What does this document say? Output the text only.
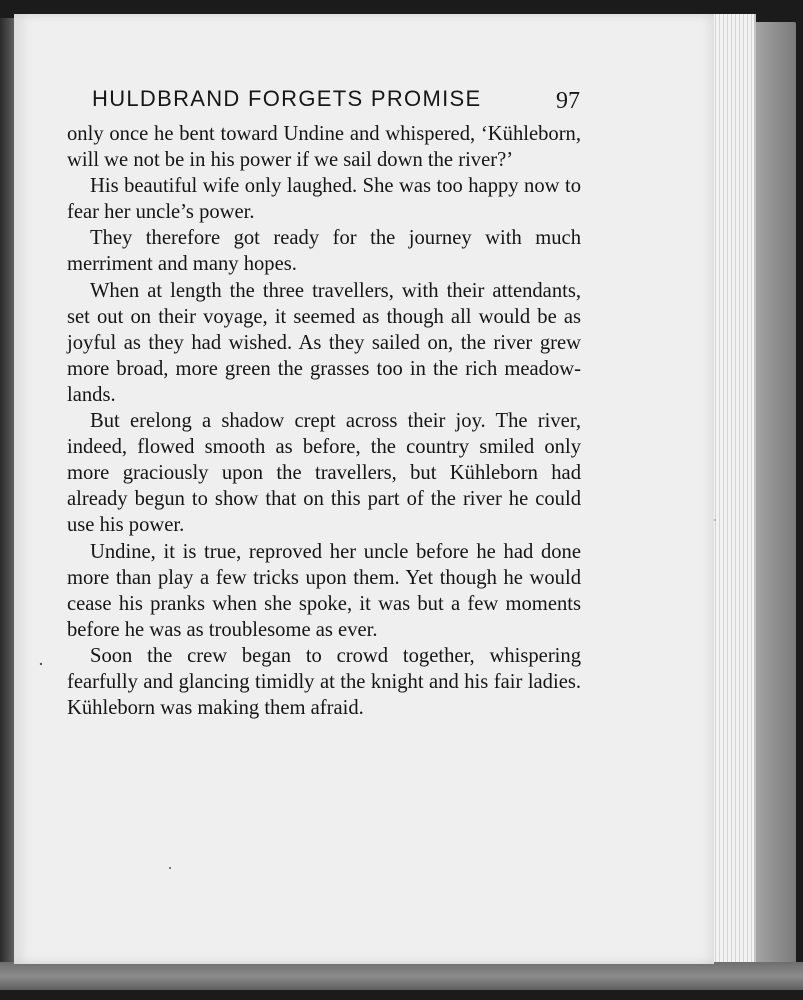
HULDBRAND FORGETS PROMISE	97

only once he bent toward Undine and whispered, ‘Kühleborn, will we not be in his power if we sail down the river?’

His beautiful wife only laughed. She was too happy now to fear her uncle’s power.

They therefore got ready for the journey with much merriment and many hopes.

When at length the three travellers, with their attendants, set out on their voyage, it seemed as though all would be as joyful as they had wished. As they sailed on, the river grew more broad, more green the grasses too in the rich meadow-lands.

But erelong a shadow crept across their joy. The river, indeed, flowed smooth as before, the country smiled only more graciously upon the travellers, but Kühleborn had already begun to show that on this part of the river he could use his power.

Undine, it is true, reproved her uncle before he had done more than play a few tricks upon them. Yet though he would cease his pranks when she spoke, it was but a few moments before he was as troublesome as ever.

Soon the crew began to crowd together, whispering fearfully and glancing timidly at the knight and his fair ladies. Kühleborn was making them afraid.
